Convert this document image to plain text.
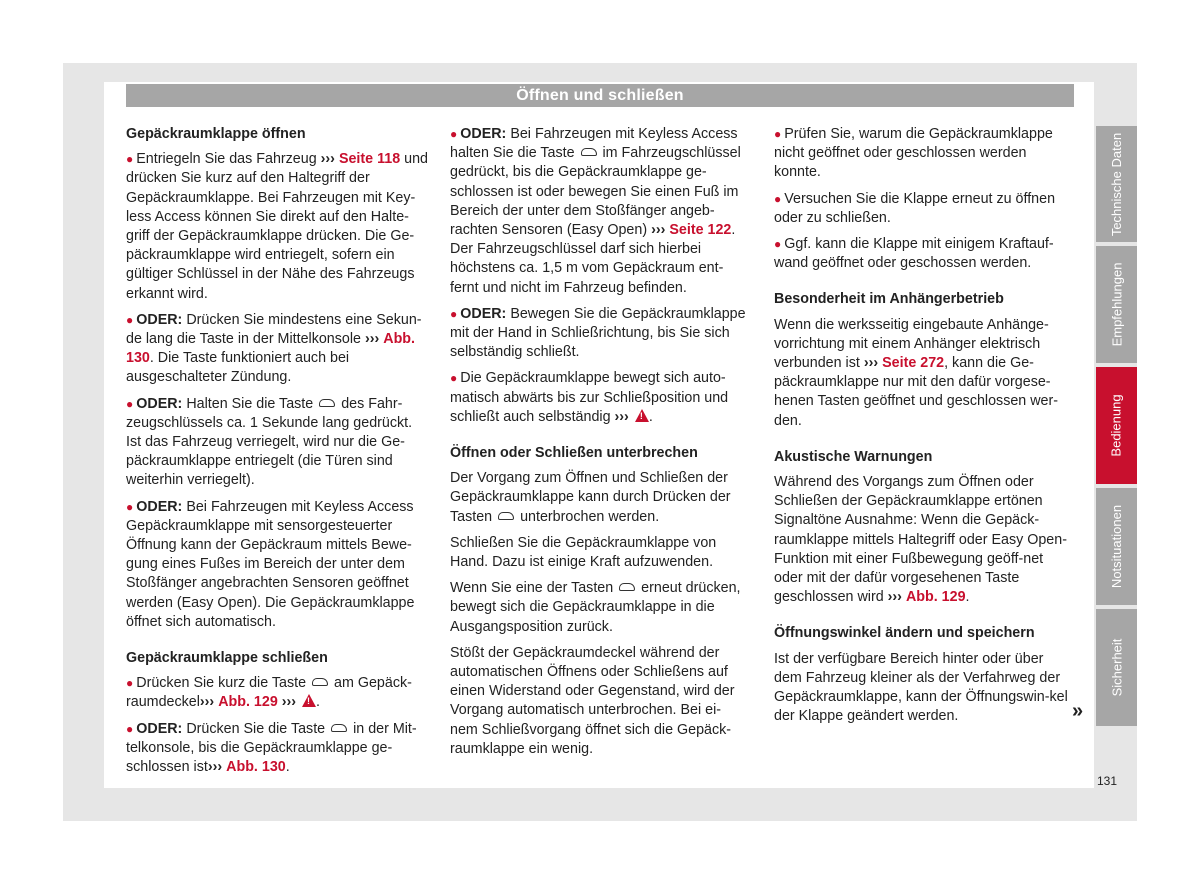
Öffnen und schließen
Gepäckraumklappe öffnen

● Entriegeln Sie das Fahrzeug ››› Seite 118 und drücken Sie kurz auf den Haltegriff der Gepäckraumklappe. Bei Fahrzeugen mit Key-less Access können Sie direkt auf den Halte-griff der Gepäckraumklappe drücken. Die Ge-päckraumklappe wird entriegelt, sofern ein gültiger Schlüssel in der Nähe des Fahrzeugs erkannt wird.

● ODER: Drücken Sie mindestens eine Sekun-de lang die Taste in der Mittelkonsole ››› Abb. 130. Die Taste funktioniert auch bei ausgeschalteter Zündung.

● ODER: Halten Sie die Taste des Fahr-zeugschlüssels ca. 1 Sekunde lang gedrückt. Ist das Fahrzeug verriegelt, wird nur die Ge-päckraumklappe entriegelt (die Türen sind weiterhin verriegelt).

● ODER: Bei Fahrzeugen mit Keyless Access Gepäckraumklappe mit sensorgesteuerter Öffnung kann der Gepäckraum mittels Bewe-gung eines Fußes im Bereich der unter dem Stoßfänger angebrachten Sensoren geöffnet werden (Easy Open). Die Gepäckraumklappe öffnet sich automatisch.

Gepäckraumklappe schließen

● Drücken Sie kurz die Taste am Gepäck-raumdeckel››› Abb. 129 ››› ! .

● ODER: Drücken Sie die Taste in der Mit-telkonsole, bis die Gepäckraumklappe ge-schlossen ist››› Abb. 130.

● ODER: Bei Fahrzeugen mit Keyless Access halten Sie die Taste im Fahrzeugschlüssel gedrückt, bis die Gepäckraumklappe ge-schlossen ist oder bewegen Sie einen Fuß im Bereich der unter dem Stoßfänger angeb-rachten Sensoren (Easy Open) ››› Seite 122. Der Fahrzeugschlüssel darf sich hierbei höchstens ca. 1,5 m vom Gepäckraum ent-fernt und nicht im Fahrzeug befinden.

● ODER: Bewegen Sie die Gepäckraumklappe mit der Hand in Schließrichtung, bis Sie sich selbständig schließt.

● Die Gepäckraumklappe bewegt sich auto-matisch abwärts bis zur Schließposition und schließt auch selbständig ››› ! .

Öffnen oder Schließen unterbrechen

Der Vorgang zum Öffnen und Schließen der Gepäckraumklappe kann durch Drücken der Tasten unterbrochen werden.

Schließen Sie die Gepäckraumklappe von Hand. Dazu ist einige Kraft aufzuwenden.

Wenn Sie eine der Tasten erneut drücken, bewegt sich die Gepäckraumklappe in die Ausgangsposition zurück.

Stößt der Gepäckraumdeckel während der automatischen Öffnens oder Schließens auf einen Widerstand oder Gegenstand, wird der Vorgang automatisch unterbrochen. Bei ei-nem Schließvorgang öffnet sich die Gepäck-raumklappe ein wenig.

● Prüfen Sie, warum die Gepäckraumklappe nicht geöffnet oder geschlossen werden konnte.

● Versuchen Sie die Klappe erneut zu öffnen oder zu schließen.

● Ggf. kann die Klappe mit einigem Kraftauf-wand geöffnet oder geschossen werden.

Besonderheit im Anhängerbetrieb

Wenn die werksseitig eingebaute Anhänge-vorrichtung mit einem Anhänger elektrisch verbunden ist ››› Seite 272, kann die Ge-päckraumklappe nur mit den dafür vorgese-henen Tasten geöffnet und geschlossen wer-den.

Akustische Warnungen

Während des Vorgangs zum Öffnen oder Schließen der Gepäckraumklappe ertönen Signaltöne Ausnahme: Wenn die Gepäck-raumklappe mittels Haltegriff oder Easy Open-Funktion mit einer Fußbewegung geöff-net oder mit der dafür vorgesehenen Taste geschlossen wird ››› Abb. 129.

Öffnungswinkel ändern und speichern

Ist der verfügbare Bereich hinter oder über dem Fahrzeug kleiner als der Verfahrweg der Gepäckraumklappe, kann der Öffnungswin-kel der Klappe geändert werden.	»
Technische Daten
Empfehlungen
Bedienung
Notsituationen
Sicherheit
131
